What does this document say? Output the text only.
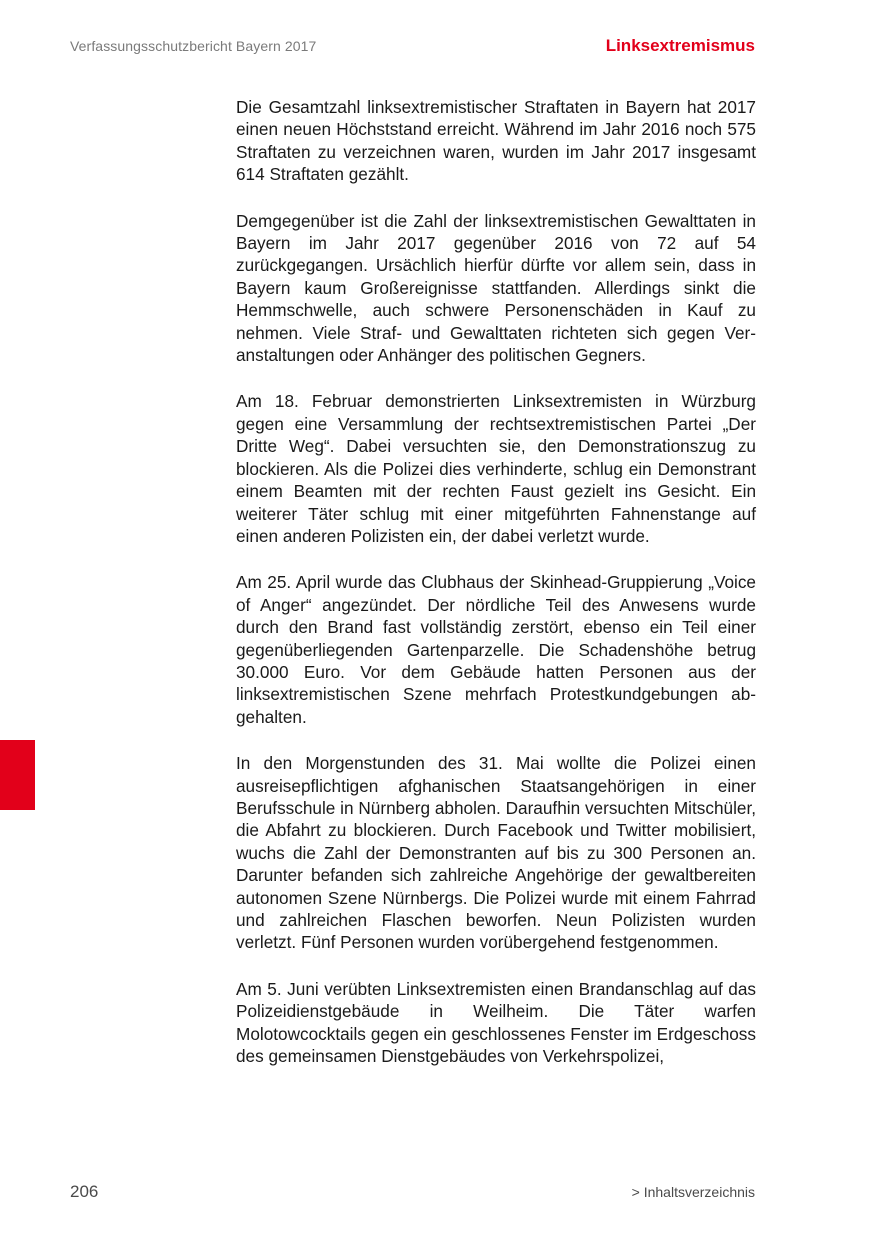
Verfassungsschutzbericht Bayern 2017	Linksextremismus

Die Gesamtzahl linksextremistischer Straftaten in Bayern hat 2017 einen neuen Höchststand erreicht. Während im Jahr 2016 noch 575 Straftaten zu verzeichnen waren, wurden im Jahr 2017 insgesamt 614 Straftaten gezählt.

Demgegenüber ist die Zahl der linksextremistischen Gewalttaten in Bayern im Jahr 2017 gegenüber 2016 von 72 auf 54 zurückgegangen. Ursächlich hierfür dürfte vor allem sein, dass in Bayern kaum Großereignisse stattfanden. Allerdings sinkt die Hemmschwelle, auch schwere Personenschäden in Kauf zu nehmen. Viele Straf- und Gewalttaten richteten sich gegen Veranstaltungen oder Anhänger des politischen Gegners.

Am 18. Februar demonstrierten Linksextremisten in Würzburg gegen eine Versammlung der rechtsextremistischen Partei „Der Dritte Weg“. Dabei versuchten sie, den Demonstrationszug zu blockieren. Als die Polizei dies verhinderte, schlug ein Demonstrant einem Beamten mit der rechten Faust gezielt ins Gesicht. Ein weiterer Täter schlug mit einer mitgeführten Fahnenstange auf einen anderen Polizisten ein, der dabei verletzt wurde.

Am 25. April wurde das Clubhaus der Skinhead-Gruppierung „Voice of Anger“ angezündet. Der nördliche Teil des Anwesens wurde durch den Brand fast vollständig zerstört, ebenso ein Teil einer gegenüberliegenden Gartenparzelle. Die Schadenshöhe betrug 30.000 Euro. Vor dem Gebäude hatten Personen aus der linksextremistischen Szene mehrfach Protestkundgebungen abgehalten.

In den Morgenstunden des 31. Mai wollte die Polizei einen ausreisepflichtigen afghanischen Staatsangehörigen in einer Berufsschule in Nürnberg abholen. Daraufhin versuchten Mitschüler, die Abfahrt zu blockieren. Durch Facebook und Twitter mobilisiert, wuchs die Zahl der Demonstranten auf bis zu 300 Personen an. Darunter befanden sich zahlreiche Angehörige der gewaltbereiten autonomen Szene Nürnbergs. Die Polizei wurde mit einem Fahrrad und zahlreichen Flaschen beworfen. Neun Polizisten wurden verletzt. Fünf Personen wurden vorübergehend festgenommen.

Am 5. Juni verübten Linksextremisten einen Brandanschlag auf das Polizeidienstgebäude in Weilheim. Die Täter warfen Molotowcocktails gegen ein geschlossenes Fenster im Erdgeschoss des gemeinsamen Dienstgebäudes von Verkehrspolizei,

206	> Inhaltsverzeichnis
